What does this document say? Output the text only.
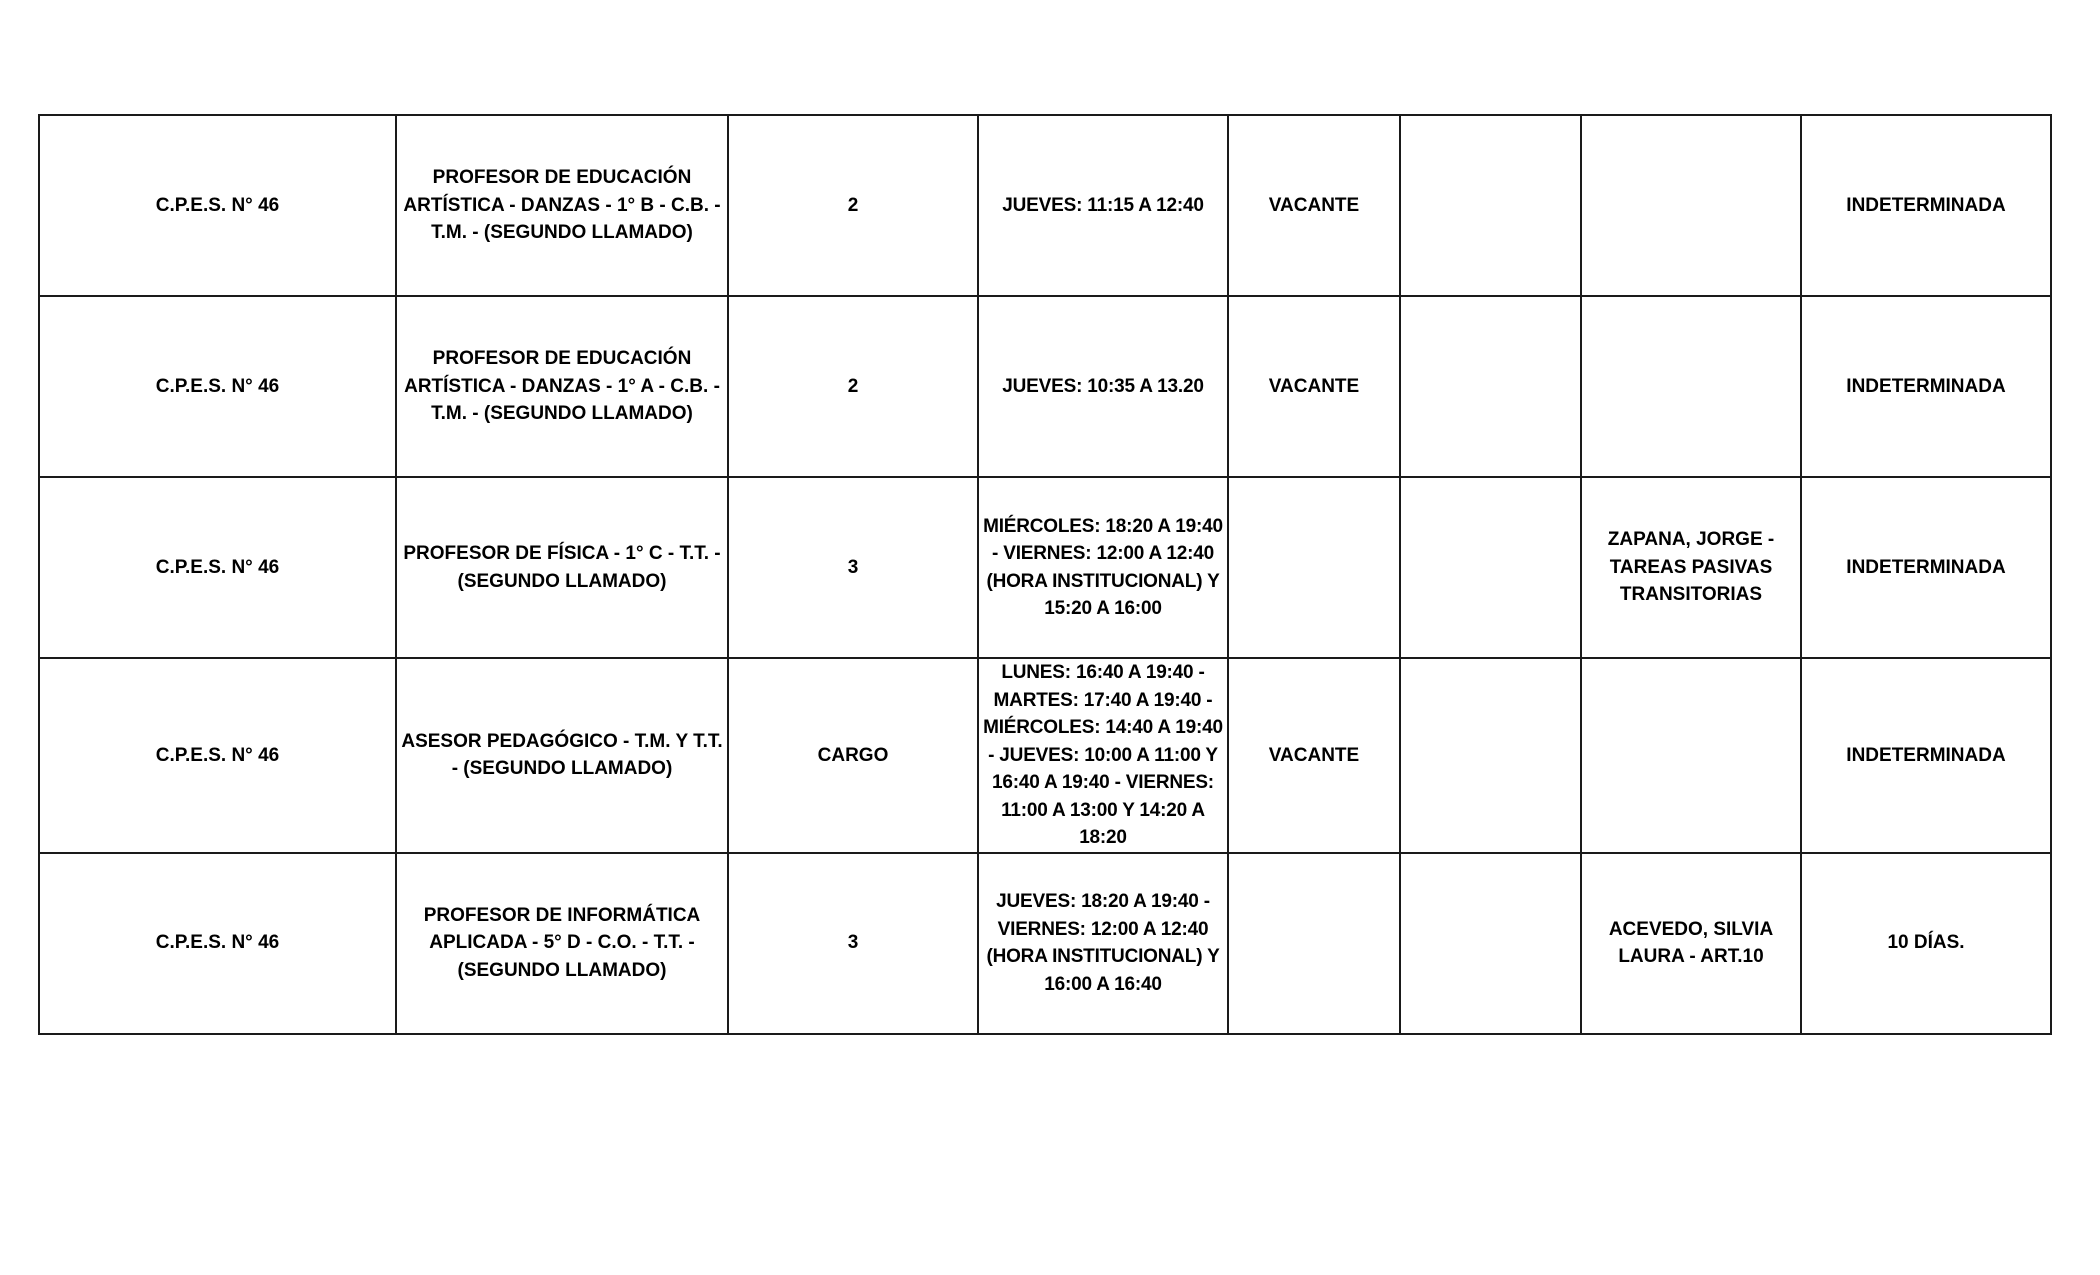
C.P.E.S. N° 46	PROFESOR DE EDUCACIÓN ARTÍSTICA - DANZAS - 1° B - C.B. - T.M. - (SEGUNDO LLAMADO)	2	JUEVES: 11:15 A 12:40	VACANTE			INDETERMINADA
C.P.E.S. N° 46	PROFESOR DE EDUCACIÓN ARTÍSTICA - DANZAS - 1° A - C.B. - T.M. - (SEGUNDO LLAMADO)	2	JUEVES: 10:35 A 13.20	VACANTE			INDETERMINADA
C.P.E.S. N° 46	PROFESOR DE FÍSICA - 1° C - T.T. - (SEGUNDO LLAMADO)	3	MIÉRCOLES: 18:20 A 19:40 - VIERNES: 12:00 A 12:40 (HORA INSTITUCIONAL) Y 15:20 A 16:00			ZAPANA, JORGE - TAREAS PASIVAS TRANSITORIAS	INDETERMINADA
C.P.E.S. N° 46	ASESOR PEDAGÓGICO - T.M. Y T.T. - (SEGUNDO LLAMADO)	CARGO	LUNES: 16:40 A 19:40 - MARTES: 17:40 A 19:40 - MIÉRCOLES: 14:40 A 19:40 - JUEVES: 10:00 A 11:00 Y 16:40 A 19:40 - VIERNES: 11:00 A 13:00 Y 14:20 A 18:20	VACANTE			INDETERMINADA
C.P.E.S. N° 46	PROFESOR DE INFORMÁTICA APLICADA - 5° D - C.O. - T.T. - (SEGUNDO LLAMADO)	3	JUEVES: 18:20 A 19:40 - VIERNES: 12:00 A 12:40 (HORA INSTITUCIONAL) Y 16:00 A 16:40			ACEVEDO, SILVIA LAURA - ART.10	10 DÍAS.
